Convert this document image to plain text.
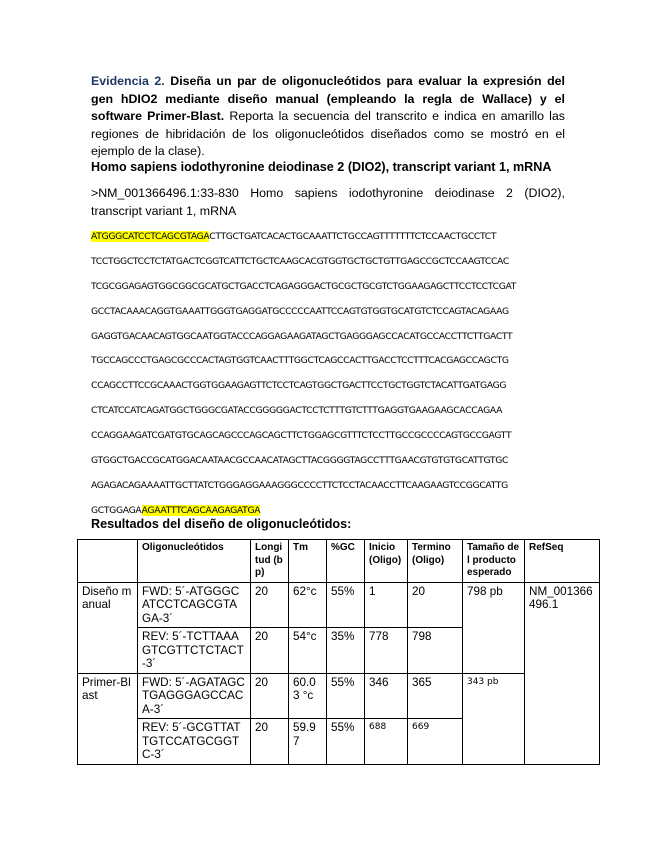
Evidencia 2. Diseña un par de oligonucleótidos para evaluar la expresión del gen hDIO2 mediante diseño manual (empleando la regla de Wallace) y el software Primer-Blast. Reporta la secuencia del transcrito e indica en amarillo las regiones de hibridación de los oligonucleótidos diseñados como se mostró en el ejemplo de la clase).

Homo sapiens iodothyronine deiodinase 2 (DIO2), transcript variant 1, mRNA
>NM_001366496.1:33-830 Homo sapiens iodothyronine deiodinase 2 (DIO2),
transcript variant 1, mRNA
ATGGGCATCCTCAGCGTAGACTTGCTGATCACACTGCAAATTCTGCCAGTTTTTTTCTCCAACTGCCTCT
TCCTGGCTCCTCTATGACTCGGTCATTCTGCTCAAGCACGTGGTGCTGCTGTTGAGCCGCTCCAAGTCCAC
TCGCGGAGAGTGGCGGCGCATGCTGACCTCAGAGGGACTGCGCTGCGTCTGGAAGAGCTTCCTCCTCGAT
GCCTACAAACAGGTGAAATTGGGTGAGGATGCCCCCAATTCCAGTGTGGTGCATGTCTCCAGTACAGAAG
GAGGTGACAACAGTGGCAATGGTACCCAGGAGAAGATAGCTGAGGGAGCCACATGCCACCTTCTTGACTT
TGCCAGCCCTGAGCGCCCACTAGTGGTCAACTTTGGCTCAGCCACTTGACCTCCTTTCACGAGCCAGCTG
CCAGCCTTCCGCAAACTGGTGGAAGAGTTCTCCTCAGTGGCTGACTTCCTGCTGGTCTACATTGATGAGG
CTCATCCATCAGATGGCTGGGCGATACCGGGGGACTCCTCTTTGTCTTTGAGGTGAAGAAGCACCAGAA
CCAGGAAGATCGATGTGCAGCAGCCCAGCAGCTTCTGGAGCGTTTCTCCTTGCCGCCCCAGTGCCGAGTT
GTGGCTGACCGCATGGACAATAACGCCAACATAGCTTACGGGGTAGCCTTTGAACGTGTGTGCATTGTGC
AGAGACAGAAAATTGCTTATCTGGGAGGAAAGGGCCCCTTCTCCTACAACCTTCAAGAAGTCCGGCATTG
GCTGGAGAAGAATTTCAGCAAGAGATGA
Resultados del diseño de oligonucleótidos:
	Oligonucleótidos	Longitud (bp)	Tm	%GC	Inicio (Oligo)	Termino (Oligo)	Tamaño del producto esperado	RefSeq
Diseño manual	FWD: 5´-ATGGGCATCCTCAGCGTAGA-3´	20	62°c	55%	1	20	798 pb	NM_001366496.1
	REV: 5´-TCTTAAAGTCGTTCTCTACT -3´	20	54°c	35%	778	798		
Primer-Blast	FWD: 5´-AGATAGCTGAGGGAGCCACA-3´	20	60.03 °c	55%	346	365	343 pb	
	REV: 5´-GCGTTATTGTCCATGCGGTC-3´	20	59.97	55%	688	669		
